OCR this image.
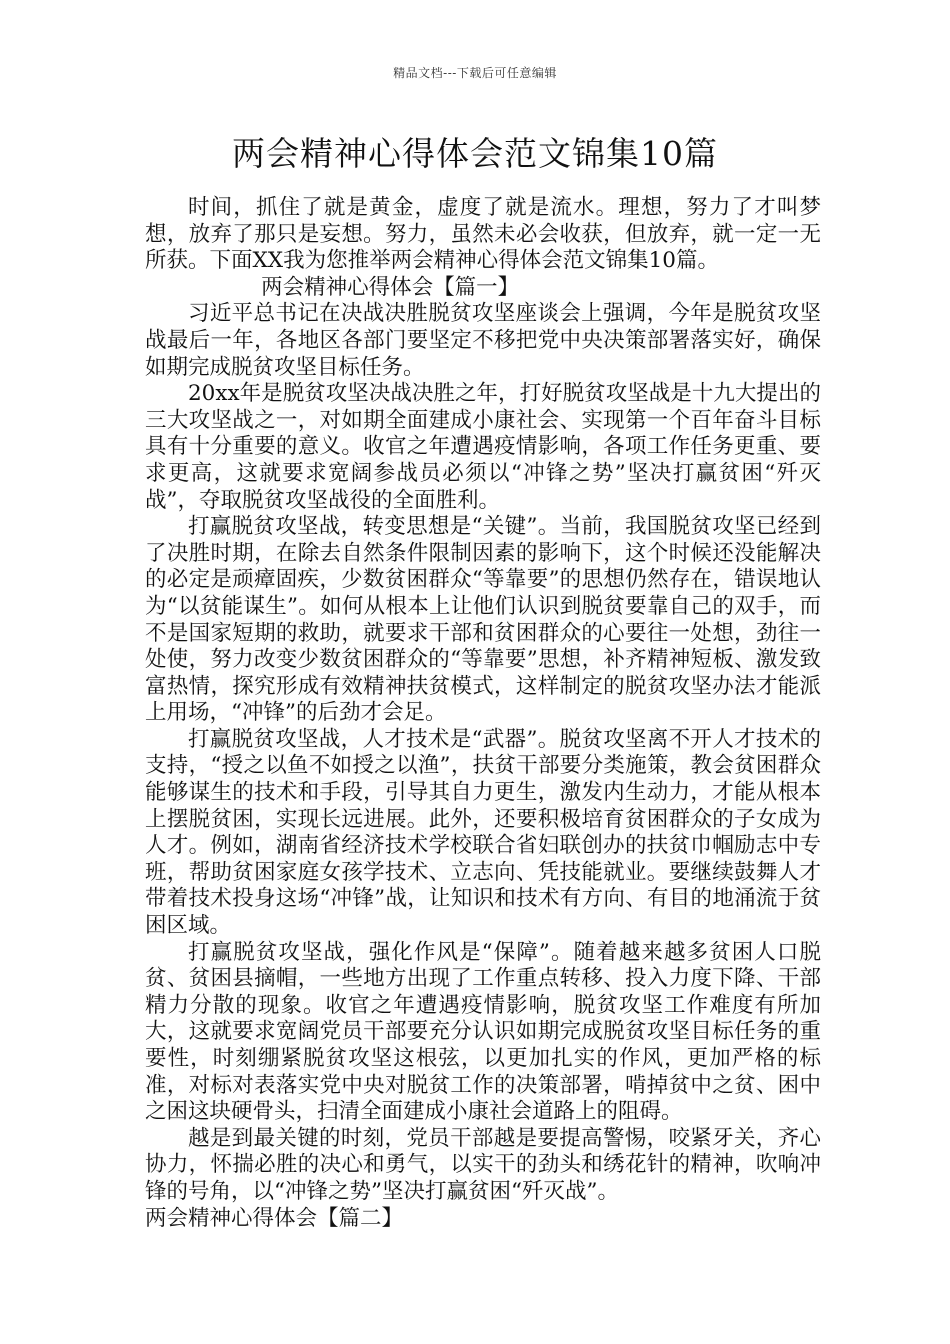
精品文档---下载后可任意编辑
两会精神心得体会范文锦集10篇

时间，抓住了就是黄金，虚度了就是流水。理想，努力了才叫梦想，放弃了那只是妄想。努力，虽然未必会收获，但放弃，就一定一无所获。下面XX我为您推举两会精神心得体会范文锦集10篇。

两会精神心得体会【篇一】

习近平总书记在决战决胜脱贫攻坚座谈会上强调，今年是脱贫攻坚战最后一年，各地区各部门要坚定不移把党中央决策部署落实好，确保如期完成脱贫攻坚目标任务。

20xx年是脱贫攻坚决战决胜之年，打好脱贫攻坚战是十九大提出的三大攻坚战之一，对如期全面建成小康社会、实现第一个百年奋斗目标具有十分重要的意义。收官之年遭遇疫情影响，各项工作任务更重、要求更高，这就要求宽阔参战员必须以“冲锋之势”坚决打赢贫困“歼灭战”，夺取脱贫攻坚战役的全面胜利。

打赢脱贫攻坚战，转变思想是“关键”。当前，我国脱贫攻坚已经到了决胜时期，在除去自然条件限制因素的影响下，这个时候还没能解决的必定是顽瘴固疾，少数贫困群众“等靠要”的思想仍然存在，错误地认为“以贫能谋生”。如何从根本上让他们认识到脱贫要靠自己的双手，而不是国家短期的救助，就要求干部和贫困群众的心要往一处想，劲往一处使，努力改变少数贫困群众的“等靠要”思想，补齐精神短板、激发致富热情，探究形成有效精神扶贫模式，这样制定的脱贫攻坚办法才能派上用场，“冲锋”的后劲才会足。

打赢脱贫攻坚战，人才技术是“武器”。脱贫攻坚离不开人才技术的支持，“授之以鱼不如授之以渔”，扶贫干部要分类施策，教会贫困群众能够谋生的技术和手段，引导其自力更生，激发内生动力，才能从根本上摆脱贫困，实现长远进展。此外，还要积极培育贫困群众的子女成为人才。例如，湖南省经济技术学校联合省妇联创办的扶贫巾帼励志中专班，帮助贫困家庭女孩学技术、立志向、凭技能就业。要继续鼓舞人才带着技术投身这场“冲锋”战，让知识和技术有方向、有目的地涌流于贫困区域。

打赢脱贫攻坚战，强化作风是“保障”。随着越来越多贫困人口脱贫、贫困县摘帽，一些地方出现了工作重点转移、投入力度下降、干部精力分散的现象。收官之年遭遇疫情影响，脱贫攻坚工作难度有所加大，这就要求宽阔党员干部要充分认识如期完成脱贫攻坚目标任务的重要性，时刻绷紧脱贫攻坚这根弦，以更加扎实的作风，更加严格的标准，对标对表落实党中央对脱贫工作的决策部署，啃掉贫中之贫、困中之困这块硬骨头，扫清全面建成小康社会道路上的阻碍。

越是到最关键的时刻，党员干部越是要提高警惕，咬紧牙关，齐心协力，怀揣必胜的决心和勇气，以实干的劲头和绣花针的精神，吹响冲锋的号角，以“冲锋之势”坚决打赢贫困“歼灭战”。

两会精神心得体会【篇二】
